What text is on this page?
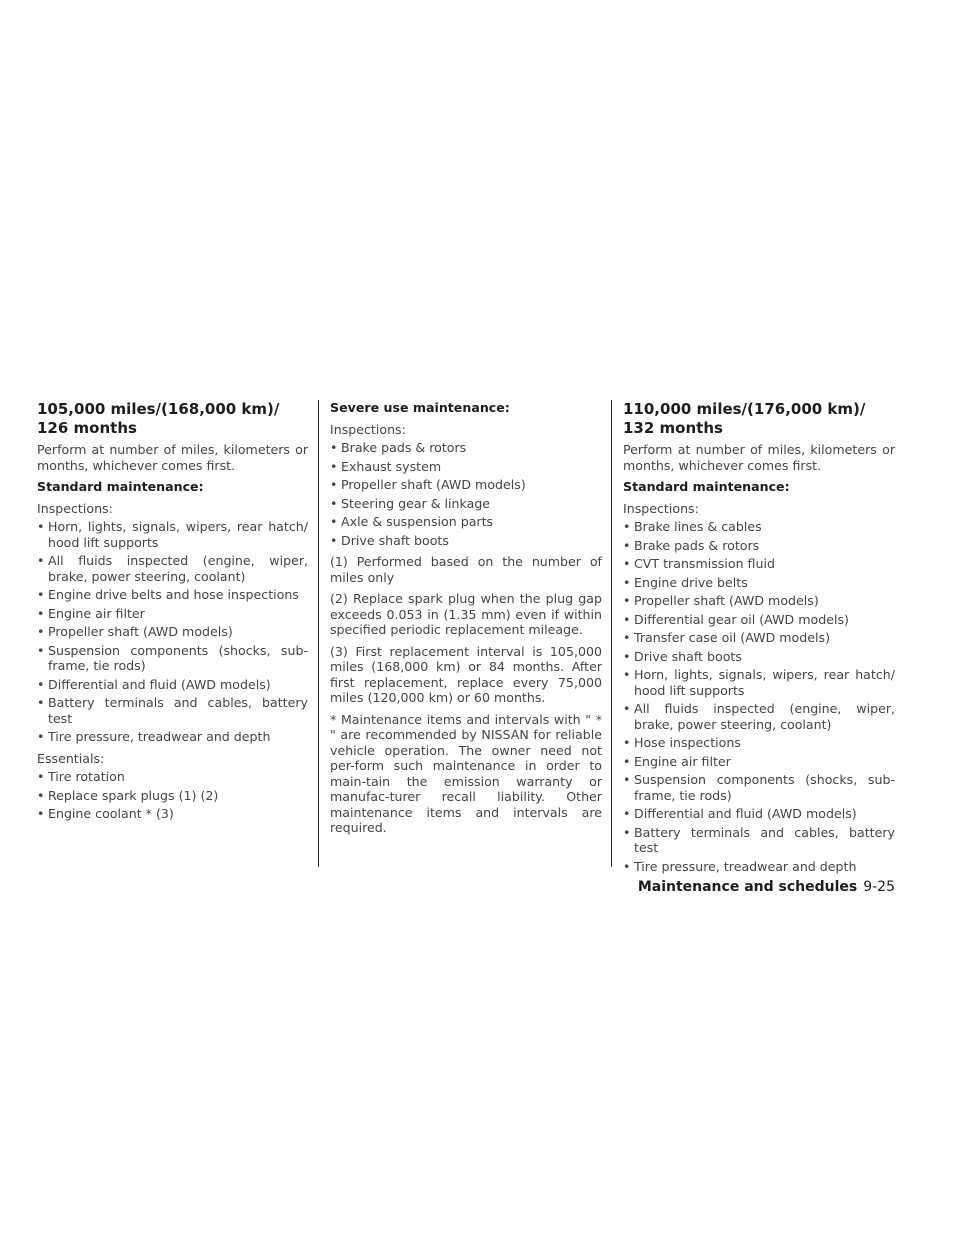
105,000 miles/(168,000 km)/
126 months

Perform at number of miles, kilometers or months, whichever comes first.

Standard maintenance:

Inspections:

• Horn, lights, signals, wipers, rear hatch/ hood lift supports
• All fluids inspected (engine, wiper, brake, power steering, coolant)
• Engine drive belts and hose inspections
• Engine air filter
• Propeller shaft (AWD models)
• Suspension components (shocks, sub-frame, tie rods)
• Differential and fluid (AWD models)
• Battery terminals and cables, battery test
• Tire pressure, treadwear and depth

Essentials:

• Tire rotation
• Replace spark plugs (1) (2)
• Engine coolant * (3)

Severe use maintenance:

Inspections:

• Brake pads & rotors
• Exhaust system
• Propeller shaft (AWD models)
• Steering gear & linkage
• Axle & suspension parts
• Drive shaft boots

(1) Performed based on the number of miles only

(2) Replace spark plug when the plug gap exceeds 0.053 in (1.35 mm) even if within specified periodic replacement mileage.

(3) First replacement interval is 105,000 miles (168,000 km) or 84 months. After first replacement, replace every 75,000 miles (120,000 km) or 60 months.

* Maintenance items and intervals with " * " are recommended by NISSAN for reliable vehicle operation. The owner need not per-form such maintenance in order to main-tain the emission warranty or manufac-turer recall liability. Other maintenance items and intervals are required.

110,000 miles/(176,000 km)/
132 months

Perform at number of miles, kilometers or months, whichever comes first.

Standard maintenance:

Inspections:

• Brake lines & cables
• Brake pads & rotors
• CVT transmission fluid
• Engine drive belts
• Propeller shaft (AWD models)
• Differential gear oil (AWD models)
• Transfer case oil (AWD models)
• Drive shaft boots
• Horn, lights, signals, wipers, rear hatch/ hood lift supports
• All fluids inspected (engine, wiper, brake, power steering, coolant)
• Hose inspections
• Engine air filter
• Suspension components (shocks, sub-frame, tie rods)
• Differential and fluid (AWD models)
• Battery terminals and cables, battery test
• Tire pressure, treadwear and depth
Maintenance and schedules 9-25
